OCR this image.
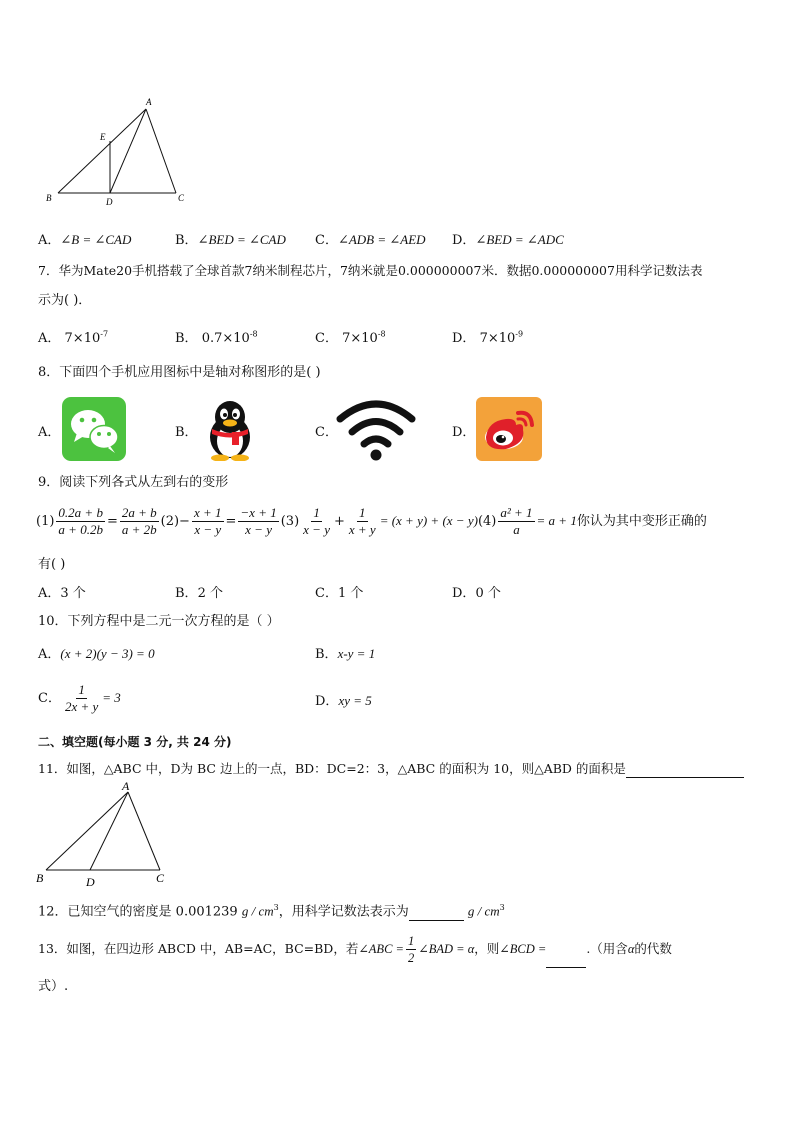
A
E
B	D	C
A．∠B = ∠CAD	B．∠BED = ∠CAD C．∠ADB = ∠AED D．∠BED = ∠ADC
7．华为Mate20手机搭载了全球首款7纳米制程芯片，7纳米就是0.000000007米．数据0.000000007用科学记数法表
示为( )．
A． $7\times 10^{-7}$	B． $0.7\times 10^{-8}$	C． $7\times 10^{-8}$	D． $7\times 10^{-9}$
8．下面四个手机应用图标中是轴对称图形的是( )
A．	B．	C．	D．
9．阅读下列各式从左到右的变形
$(1) \frac{0.2a + b}{a + 0.2b} = \frac{2a + b}{a + 2b} (2)- \frac{x + 1}{x - y} = \frac{-x + 1}{x - y} (3) \frac{1}{x - y} + \frac{1}{x + y} = (x + y) + (x - y)(4) \frac{\text{a² + 1}}{a} = a + 1$你认为其中变形正确的
有( )
A．3 个	B．2 个	C．1 个	D．0 个
10．下列方程中是二元一次方程的是（ ）
A．(x + 2)(y − 3) = 0	B．x-y = 1
C． $\frac{1}{2x + y} = 3$	D．xy = 5
二、填空题(每小题 3 分, 共 24 分)
11．如图，△ABC 中，D为 BC 边上的一点，BD：DC=2：3，△ABC 的面积为 10，则△ABD 的面积是
A
B	D	C
12．已知空气的密度是 0.001239 g / $cm^3$，用科学记数法表示为	g / $cm^3$
13．如图，在四边形 ABCD 中，AB=AC，BC=BD，若∠ABC = $\frac{1}{2}$ ∠BAD = α，则∠BCD =	.（用含α的代数
式）.
